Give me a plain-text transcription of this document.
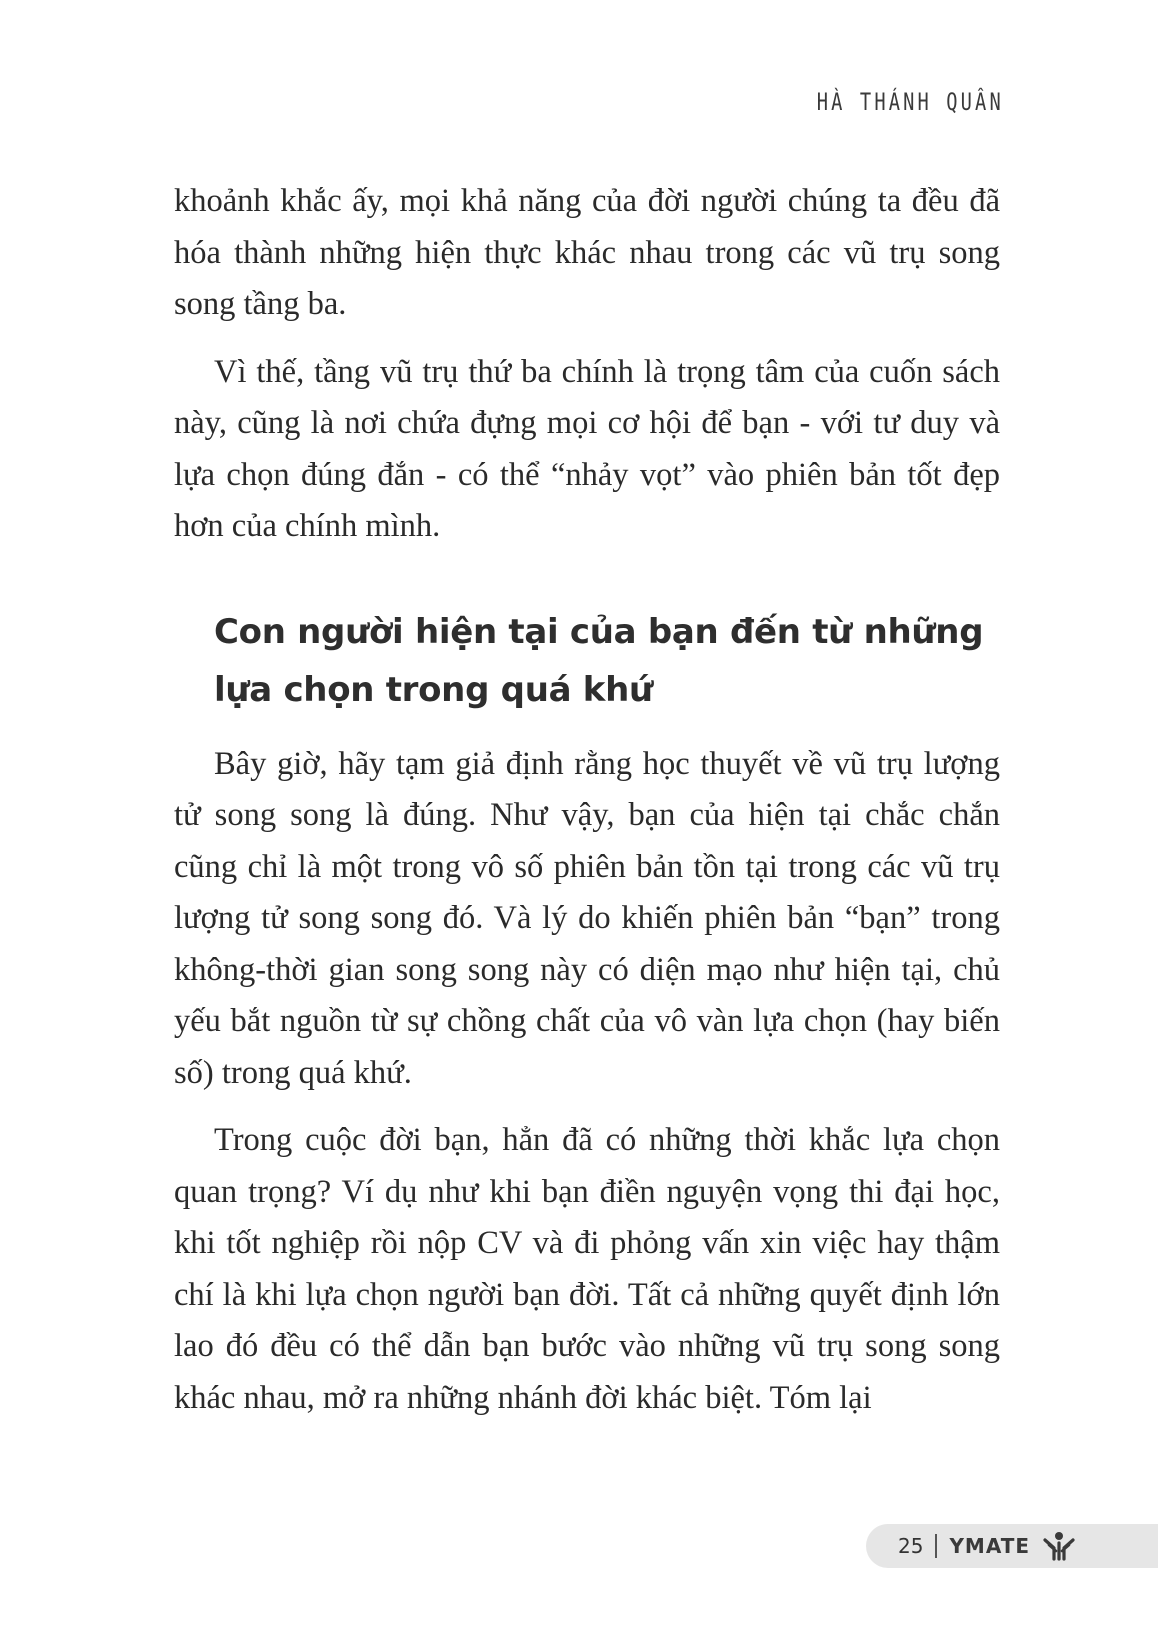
HÀ THÁNH QUÂN

khoảnh khắc ấy, mọi khả năng của đời người chúng ta đều đã hóa thành những hiện thực khác nhau trong các vũ trụ song song tầng ba.

Vì thế, tầng vũ trụ thứ ba chính là trọng tâm của cuốn sách này, cũng là nơi chứa đựng mọi cơ hội để bạn - với tư duy và lựa chọn đúng đắn - có thể “nhảy vọt” vào phiên bản tốt đẹp hơn của chính mình.

Con người hiện tại của bạn đến từ những lựa chọn trong quá khứ

Bây giờ, hãy tạm giả định rằng học thuyết về vũ trụ lượng tử song song là đúng. Như vậy, bạn của hiện tại chắc chắn cũng chỉ là một trong vô số phiên bản tồn tại trong các vũ trụ lượng tử song song đó. Và lý do khiến phiên bản “bạn” trong không-thời gian song song này có diện mạo như hiện tại, chủ yếu bắt nguồn từ sự chồng chất của vô vàn lựa chọn (hay biến số) trong quá khứ.

Trong cuộc đời bạn, hẳn đã có những thời khắc lựa chọn quan trọng? Ví dụ như khi bạn điền nguyện vọng thi đại học, khi tốt nghiệp rồi nộp CV và đi phỏng vấn xin việc hay thậm chí là khi lựa chọn người bạn đời. Tất cả những quyết định lớn lao đó đều có thể dẫn bạn bước vào những vũ trụ song song khác nhau, mở ra những nhánh đời khác biệt. Tóm lại

25 YMATE
